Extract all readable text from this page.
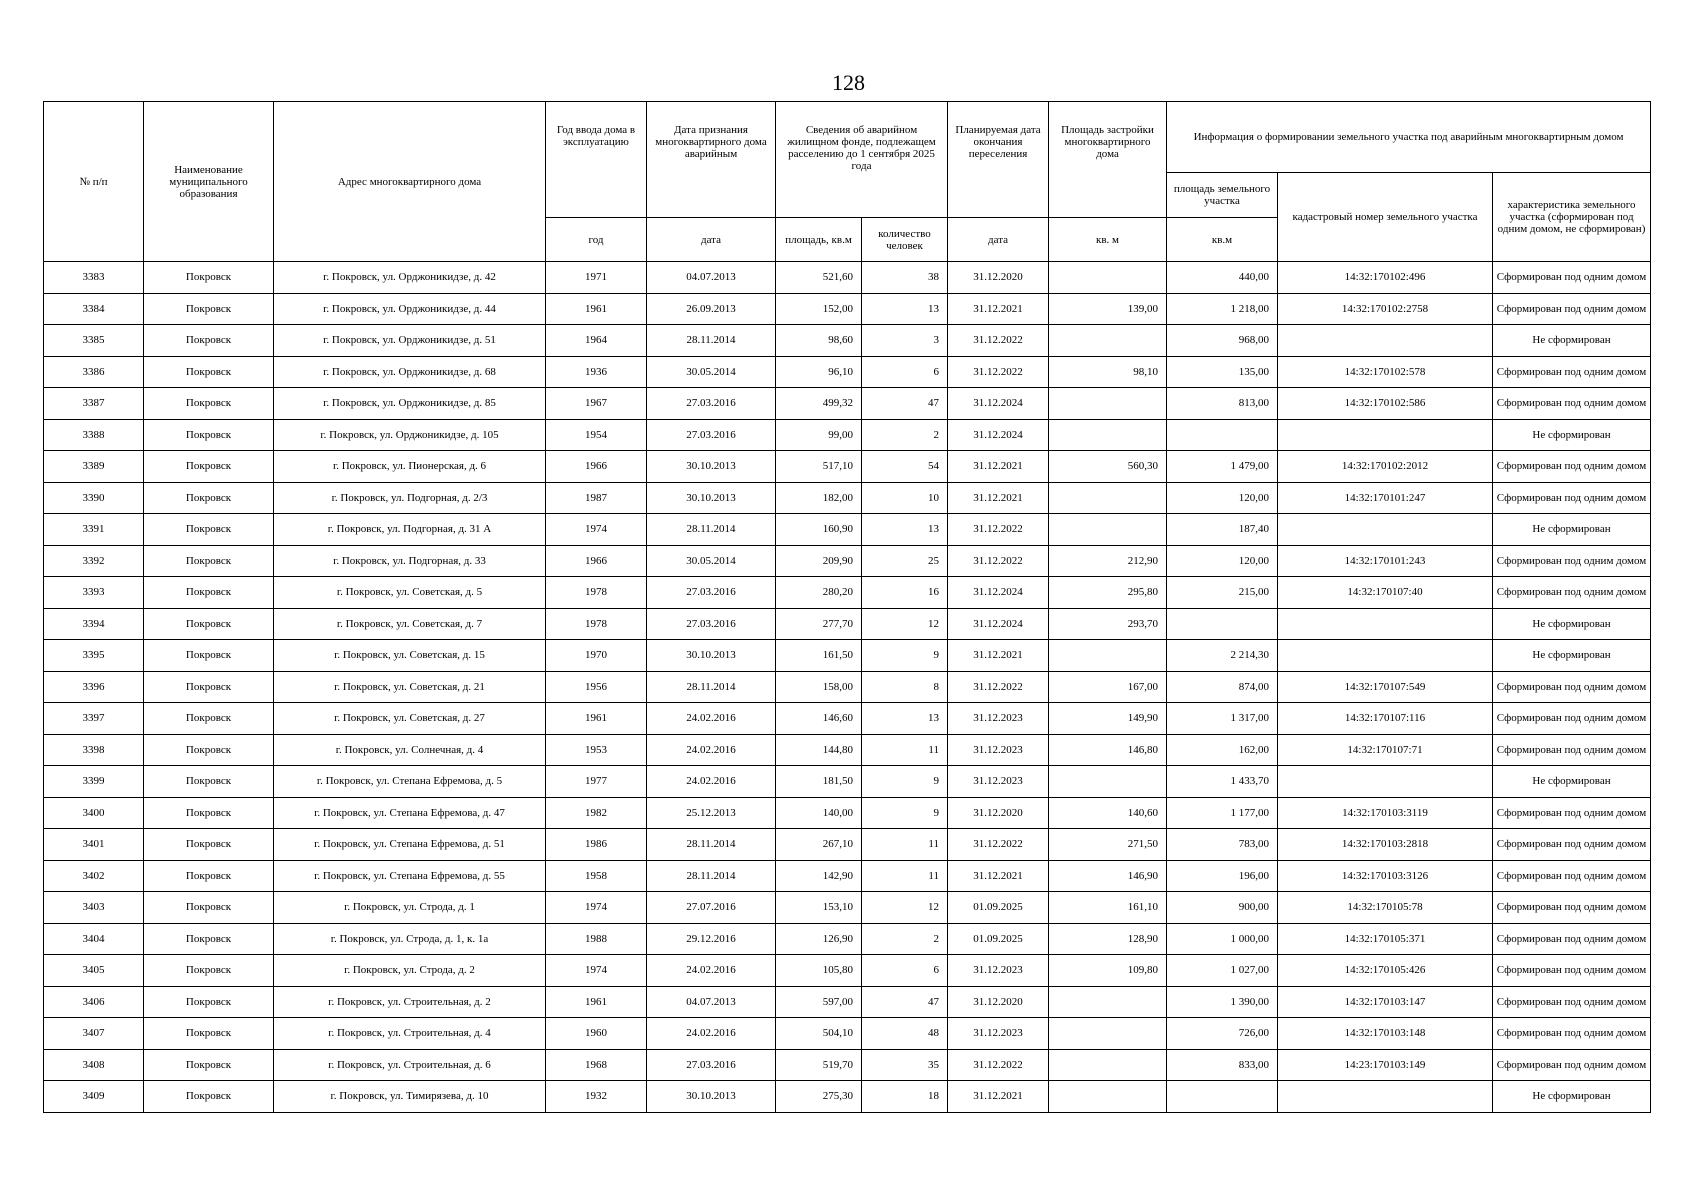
128
№ п/п	Наименование муниципального образования	Адрес многоквартирного дома	Год ввода дома в эксплуатацию	Дата признания многоквартирного дома аварийным	Сведения об аварийном жилищном фонде, подлежащем расселению до 1 сентября 2025 года		Планируемая дата окончания переселения	Площадь застройки многоквартирного дома	Информация о формировании земельного участка под аварийным многоквартирным домом		
									площадь земельного участка	кадастровый номер земельного участка	характеристика земельного участка (сформирован под одним домом, не сформирован)
			год	дата	площадь, кв.м	количество человек	дата	кв. м	кв.м		
3383	Покровск	г. Покровск, ул. Орджоникидзе, д. 42	1971	04.07.2013	521,60	38	31.12.2020		440,00	14:32:170102:496	Сформирован под одним домом
3384	Покровск	г. Покровск, ул. Орджоникидзе, д. 44	1961	26.09.2013	152,00	13	31.12.2021	139,00	1 218,00	14:32:170102:2758	Сформирован под одним домом
3385	Покровск	г. Покровск, ул. Орджоникидзе, д. 51	1964	28.11.2014	98,60	3	31.12.2022		968,00		Не сформирован
3386	Покровск	г. Покровск, ул. Орджоникидзе, д. 68	1936	30.05.2014	96,10	6	31.12.2022	98,10	135,00	14:32:170102:578	Сформирован под одним домом
3387	Покровск	г. Покровск, ул. Орджоникидзе, д. 85	1967	27.03.2016	499,32	47	31.12.2024		813,00	14:32:170102:586	Сформирован под одним домом
3388	Покровск	г. Покровск, ул. Орджоникидзе, д. 105	1954	27.03.2016	99,00	2	31.12.2024				Не сформирован
3389	Покровск	г. Покровск, ул. Пионерская, д. 6	1966	30.10.2013	517,10	54	31.12.2021	560,30	1 479,00	14:32:170102:2012	Сформирован под одним домом
3390	Покровск	г. Покровск, ул. Подгорная, д. 2/3	1987	30.10.2013	182,00	10	31.12.2021		120,00	14:32:170101:247	Сформирован под одним домом
3391	Покровск	г. Покровск, ул. Подгорная, д. 31 А	1974	28.11.2014	160,90	13	31.12.2022		187,40		Не сформирован
3392	Покровск	г. Покровск, ул. Подгорная, д. 33	1966	30.05.2014	209,90	25	31.12.2022	212,90	120,00	14:32:170101:243	Сформирован под одним домом
3393	Покровск	г. Покровск, ул. Советская, д. 5	1978	27.03.2016	280,20	16	31.12.2024	295,80	215,00	14:32:170107:40	Сформирован под одним домом
3394	Покровск	г. Покровск, ул. Советская, д. 7	1978	27.03.2016	277,70	12	31.12.2024	293,70			Не сформирован
3395	Покровск	г. Покровск, ул. Советская, д. 15	1970	30.10.2013	161,50	9	31.12.2021		2 214,30		Не сформирован
3396	Покровск	г. Покровск, ул. Советская, д. 21	1956	28.11.2014	158,00	8	31.12.2022	167,00	874,00	14:32:170107:549	Сформирован под одним домом
3397	Покровск	г. Покровск, ул. Советская, д. 27	1961	24.02.2016	146,60	13	31.12.2023	149,90	1 317,00	14:32:170107:116	Сформирован под одним домом
3398	Покровск	г. Покровск, ул. Солнечная, д. 4	1953	24.02.2016	144,80	11	31.12.2023	146,80	162,00	14:32:170107:71	Сформирован под одним домом
3399	Покровск	г. Покровск, ул. Степана Ефремова, д. 5	1977	24.02.2016	181,50	9	31.12.2023		1 433,70		Не сформирован
3400	Покровск	г. Покровск, ул. Степана Ефремова, д. 47	1982	25.12.2013	140,00	9	31.12.2020	140,60	1 177,00	14:32:170103:3119	Сформирован под одним домом
3401	Покровск	г. Покровск, ул. Степана Ефремова, д. 51	1986	28.11.2014	267,10	11	31.12.2022	271,50	783,00	14:32:170103:2818	Сформирован под одним домом
3402	Покровск	г. Покровск, ул. Степана Ефремова, д. 55	1958	28.11.2014	142,90	11	31.12.2021	146,90	196,00	14:32:170103:3126	Сформирован под одним домом
3403	Покровск	г. Покровск, ул. Строда, д. 1	1974	27.07.2016	153,10	12	01.09.2025	161,10	900,00	14:32:170105:78	Сформирован под одним домом
3404	Покровск	г. Покровск, ул. Строда, д. 1, к. 1а	1988	29.12.2016	126,90	2	01.09.2025	128,90	1 000,00	14:32:170105:371	Сформирован под одним домом
3405	Покровск	г. Покровск, ул. Строда, д. 2	1974	24.02.2016	105,80	6	31.12.2023	109,80	1 027,00	14:32:170105:426	Сформирован под одним домом
3406	Покровск	г. Покровск, ул. Строительная, д. 2	1961	04.07.2013	597,00	47	31.12.2020		1 390,00	14:32:170103:147	Сформирован под одним домом
3407	Покровск	г. Покровск, ул. Строительная, д. 4	1960	24.02.2016	504,10	48	31.12.2023		726,00	14:32:170103:148	Сформирован под одним домом
3408	Покровск	г. Покровск, ул. Строительная, д. 6	1968	27.03.2016	519,70	35	31.12.2022		833,00	14:23:170103:149	Сформирован под одним домом
3409	Покровск	г. Покровск, ул. Тимирязева, д. 10	1932	30.10.2013	275,30	18	31.12.2021				Не сформирован
